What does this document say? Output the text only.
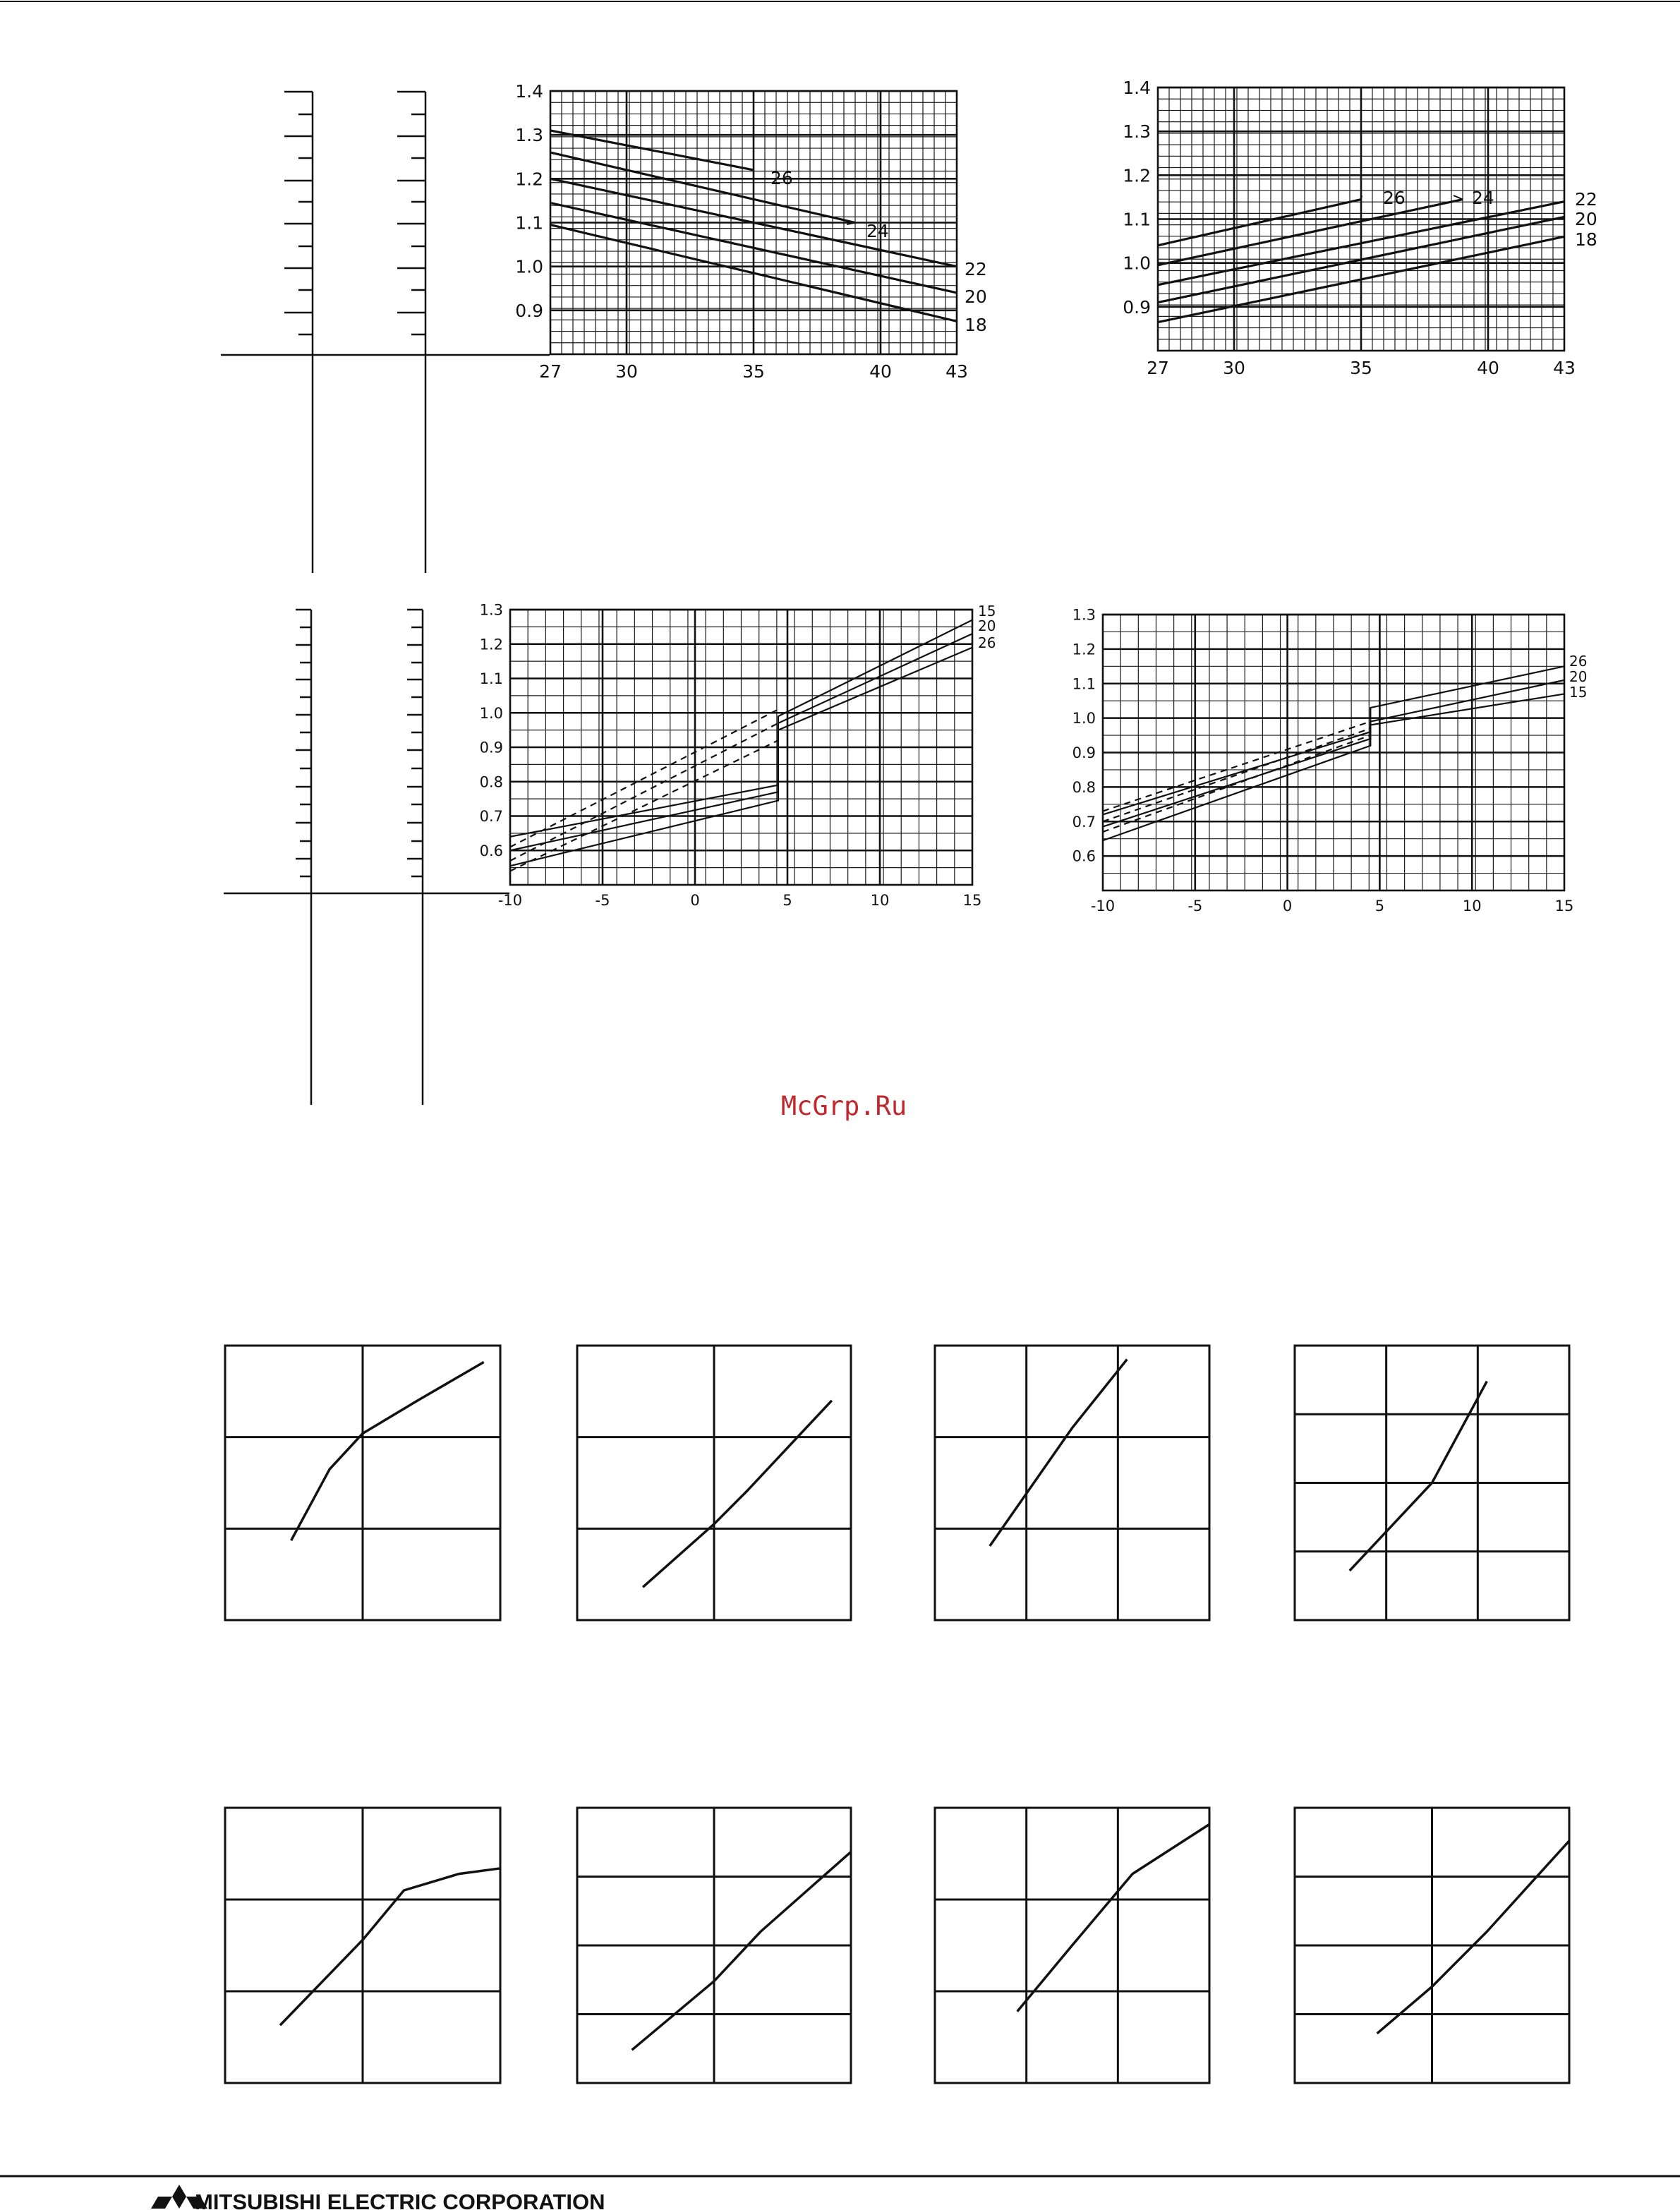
27	30	35	40	43
1.4
1.3
1.2
1.1
1.0
0.9
26
24
22
20
18
27	30	35	40	43
1.4
1.3
1.2
1.1
1.0
0.9
26	24	22
20
18
-10	-5	0	5	10	15
1.3
1.2
1.1
1.0
0.9
0.8
0.7
0.6
15
20
26
-10	-5	0	5	10	15
1.3
1.2
1.1
1.0
0.9
0.8
0.7
0.6
26
20
15
McGrp.Ru
MITSUBISHI ELECTRIC CORPORATION
